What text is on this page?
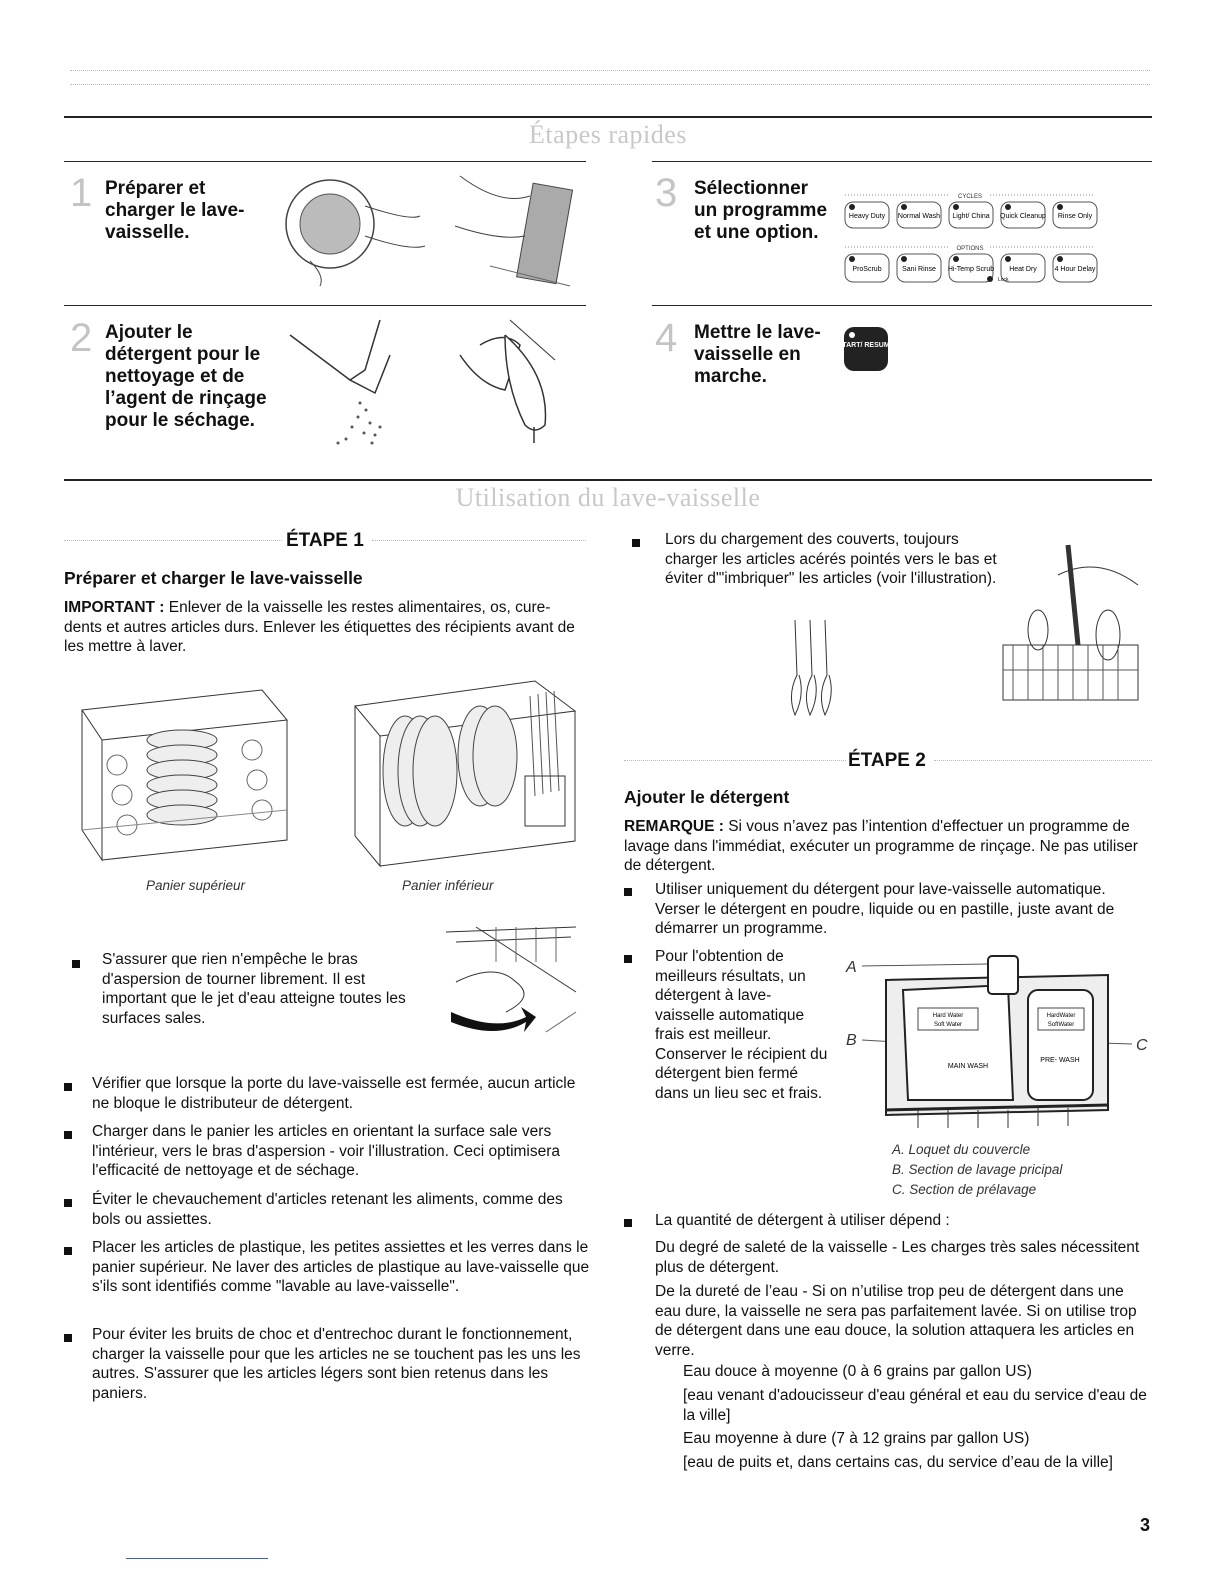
Étapes rapides
1 Préparer et charger le lave-vaisselle.
3 Sélectionner un programme et une option.
CYCLES
Heavy Duty Normal Wash Light/ China Quick Cleanup Rinse Only
OPTIONS
ProScrub	Sani Rinse Hi-Temp Scrub Heat Dry	4 Hour Delay
Lock
2 Ajouter le détergent pour le nettoyage et de l’agent de rinçage pour le séchage.
4 Mettre le lave-vaisselle en marche.
START/ RESUME
Utilisation du lave-vaisselle
ÉTAPE 1
Préparer et charger le lave-vaisselle
IMPORTANT : Enlever de la vaisselle les restes alimentaires, os, cure-dents et autres articles durs. Enlever les étiquettes des récipients avant de les mettre à laver.
Panier supérieur	Panier inférieur
S'assurer que rien n'empêche le bras d'aspersion de tourner librement. Il est important que le jet d'eau atteigne toutes les surfaces sales.
Vérifier que lorsque la porte du lave-vaisselle est fermée, aucun article ne bloque le distributeur de détergent.
Charger dans le panier les articles en orientant la surface sale vers l'intérieur, vers le bras d'aspersion - voir l'illustration. Ceci optimisera l'efficacité de nettoyage et de séchage.
Éviter le chevauchement d'articles retenant les aliments, comme des bols ou assiettes.
Placer les articles de plastique, les petites assiettes et les verres dans le panier supérieur. Ne laver des articles de plastique au lave-vaisselle que s'ils sont identifiés comme "lavable au lave-vaisselle".
Pour éviter les bruits de choc et d'entrechoc durant le fonctionnement, charger la vaisselle pour que les articles ne se touchent pas les uns les autres. S'assurer que les articles légers sont bien retenus dans les paniers.
Lors du chargement des couverts, toujours charger les articles acérés pointés vers le bas et éviter d'"imbriquer" les articles (voir l'illustration).
ÉTAPE 2
Ajouter le détergent
REMARQUE : Si vous n’avez pas l’intention d'effectuer un programme de lavage dans l'immédiat, exécuter un programme de rinçage. Ne pas utiliser de détergent.
Utiliser uniquement du détergent pour lave-vaisselle automatique. Verser le détergent en poudre, liquide ou en pastille, juste avant de démarrer un programme.
Pour l'obtention de meilleurs résultats, un détergent à lave-vaisselle automatique frais est meilleur. Conserver le récipient du détergent bien fermé dans un lieu sec et frais.
A
B	C
Hard Water
Soft Water
HardWater
SoftWater
MAIN WASH
PRE- WASH
A. Loquet du couvercle
B. Section de lavage pricipal
C. Section de prélavage
La quantité de détergent à utiliser dépend :
Du degré de saleté de la vaisselle - Les charges très sales nécessitent plus de détergent.
De la dureté de l’eau - Si on n’utilise trop peu de détergent dans une eau dure, la vaisselle ne sera pas parfaitement lavée. Si on utilise trop de détergent dans une eau douce, la solution attaquera les articles en verre.
Eau douce à moyenne (0 à 6 grains par gallon US)
[eau venant d'adoucisseur d'eau général et eau du service d'eau de la ville]
Eau moyenne à dure (7 à 12 grains par gallon US)
[eau de puits et, dans certains cas, du service d’eau de la ville]
3
